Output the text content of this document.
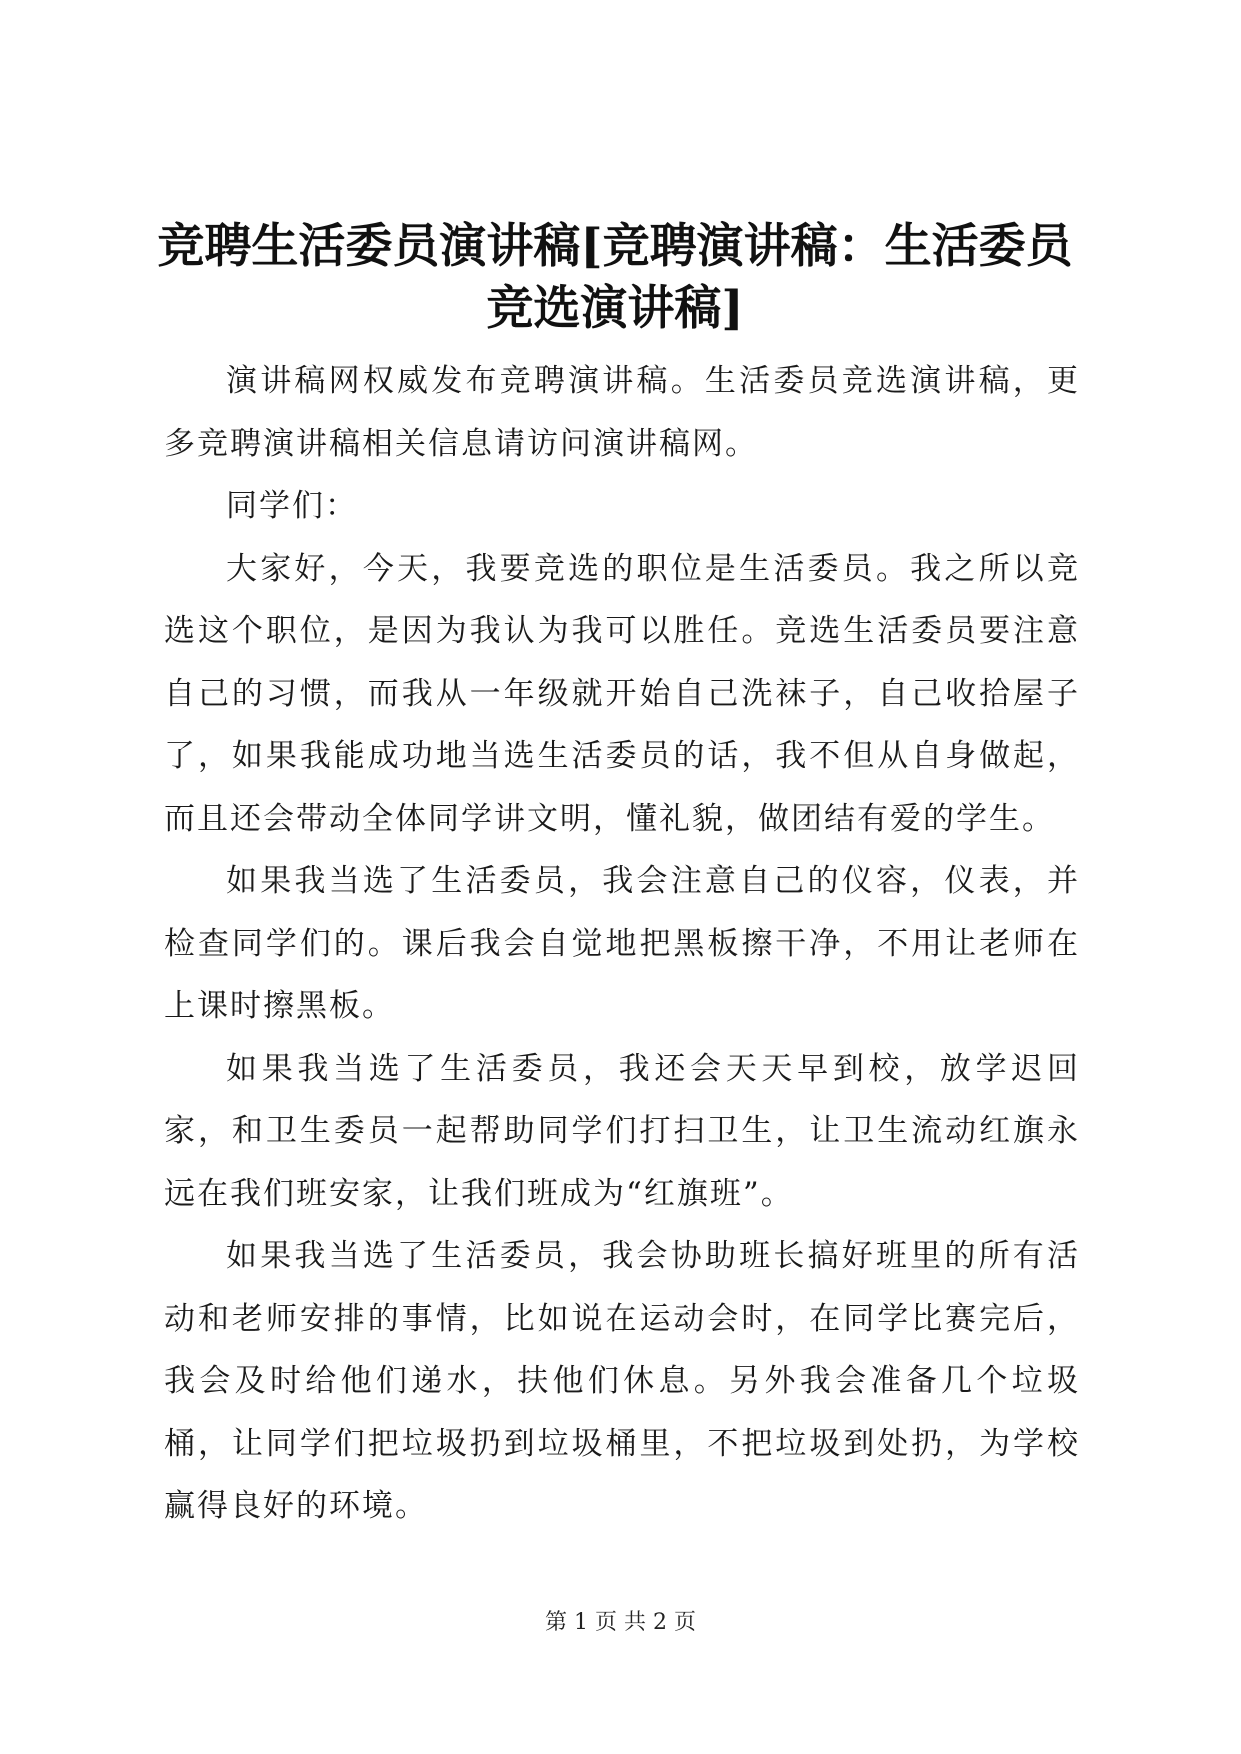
竞聘生活委员演讲稿[竞聘演讲稿：生活委员竞选演讲稿]

演讲稿网权威发布竞聘演讲稿。生活委员竞选演讲稿，更多竞聘演讲稿相关信息请访问演讲稿网。

同学们：

大家好，今天，我要竞选的职位是生活委员。我之所以竞选这个职位，是因为我认为我可以胜任。竞选生活委员要注意自己的习惯，而我从一年级就开始自己洗袜子，自己收拾屋子了，如果我能成功地当选生活委员的话，我不但从自身做起，而且还会带动全体同学讲文明，懂礼貌，做团结有爱的学生。

如果我当选了生活委员，我会注意自己的仪容，仪表，并检查同学们的。课后我会自觉地把黑板擦干净，不用让老师在上课时擦黑板。

如果我当选了生活委员，我还会天天早到校，放学迟回家，和卫生委员一起帮助同学们打扫卫生，让卫生流动红旗永远在我们班安家，让我们班成为“红旗班”。

如果我当选了生活委员，我会协助班长搞好班里的所有活动和老师安排的事情，比如说在运动会时，在同学比赛完后，我会及时给他们递水，扶他们休息。另外我会准备几个垃圾桶，让同学们把垃圾扔到垃圾桶里，不把垃圾到处扔，为学校赢得良好的环境。

第 1 页 共 2 页
